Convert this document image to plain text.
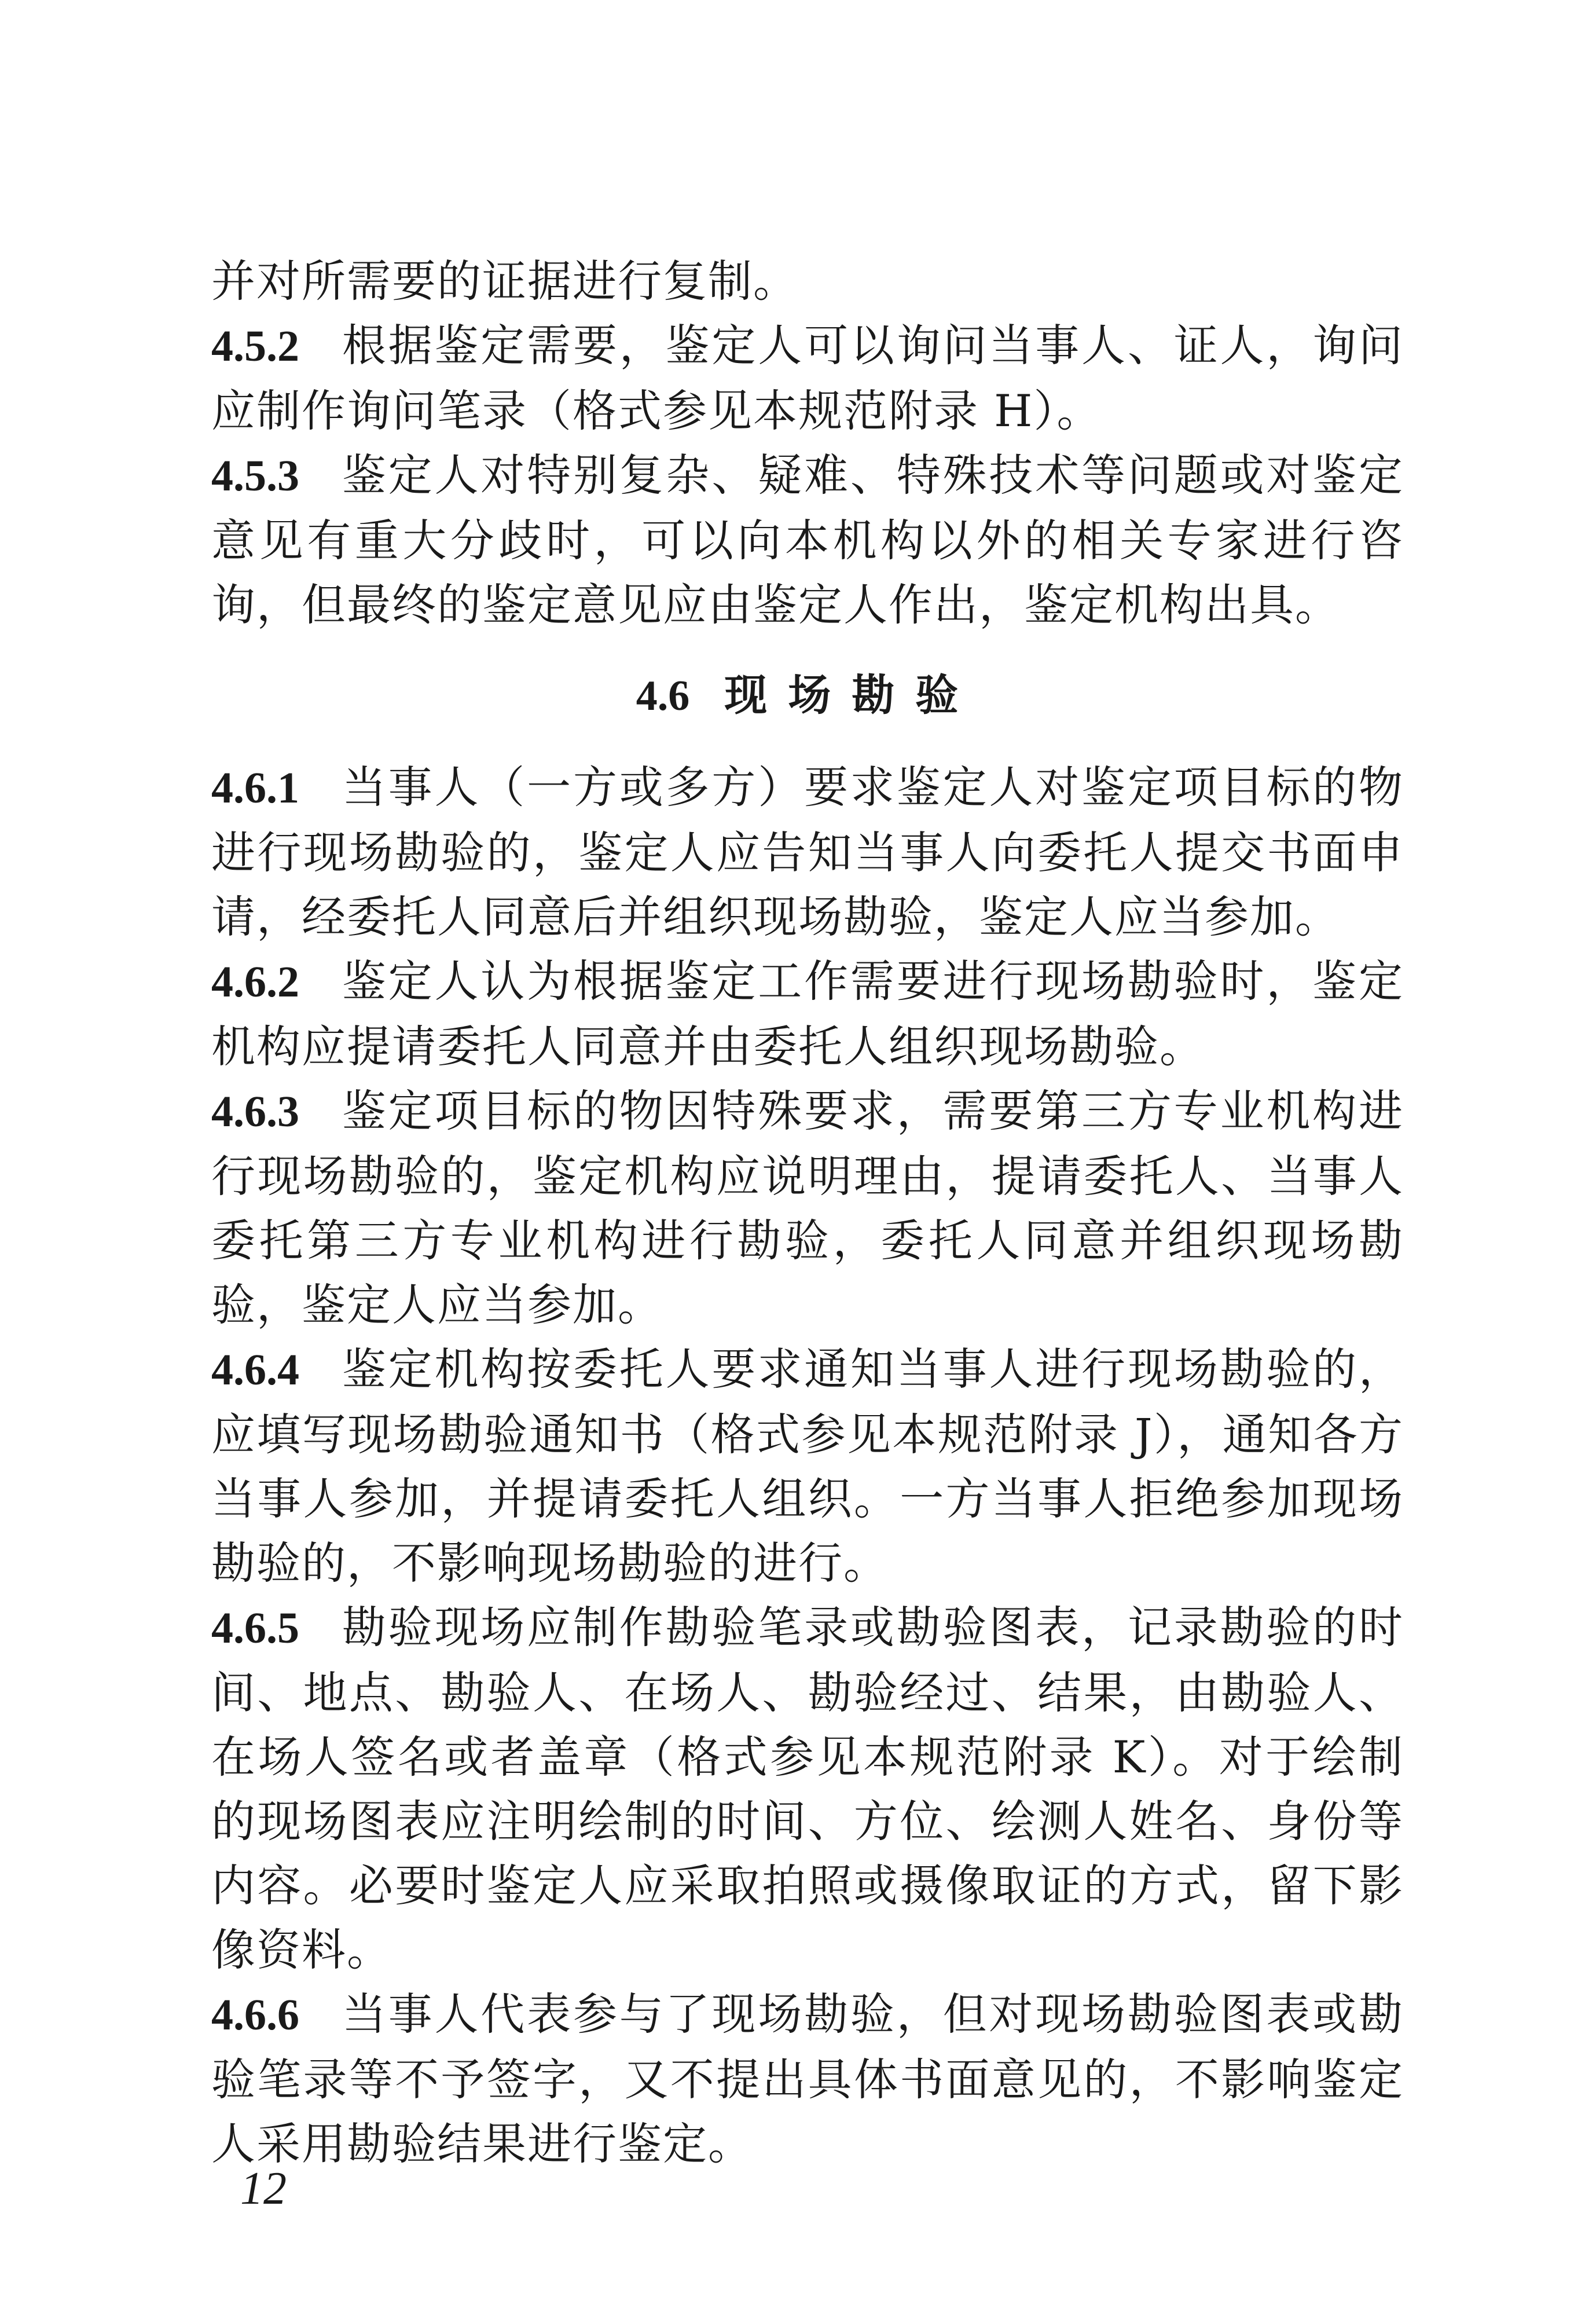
并对所需要的证据进行复制。

4.5.2 根据鉴定需要，鉴定人可以询问当事人、证人，询问应制作询问笔录（格式参见本规范附录 H）。

4.5.3 鉴定人对特别复杂、疑难、特殊技术等问题或对鉴定意见有重大分歧时，可以向本机构以外的相关专家进行咨询，但最终的鉴定意见应由鉴定人作出，鉴定机构出具。

4.6 现场勘验

4.6.1 当事人（一方或多方）要求鉴定人对鉴定项目标的物进行现场勘验的，鉴定人应告知当事人向委托人提交书面申请，经委托人同意后并组织现场勘验，鉴定人应当参加。

4.6.2 鉴定人认为根据鉴定工作需要进行现场勘验时，鉴定机构应提请委托人同意并由委托人组织现场勘验。

4.6.3 鉴定项目标的物因特殊要求，需要第三方专业机构进行现场勘验的，鉴定机构应说明理由，提请委托人、当事人委托第三方专业机构进行勘验，委托人同意并组织现场勘验，鉴定人应当参加。

4.6.4 鉴定机构按委托人要求通知当事人进行现场勘验的，应填写现场勘验通知书（格式参见本规范附录 J），通知各方当事人参加，并提请委托人组织。一方当事人拒绝参加现场勘验的，不影响现场勘验的进行。

4.6.5 勘验现场应制作勘验笔录或勘验图表，记录勘验的时间、地点、勘验人、在场人、勘验经过、结果，由勘验人、在场人签名或者盖章（格式参见本规范附录 K）。对于绘制的现场图表应注明绘制的时间、方位、绘测人姓名、身份等内容。必要时鉴定人应采取拍照或摄像取证的方式，留下影像资料。

4.6.6 当事人代表参与了现场勘验，但对现场勘验图表或勘验笔录等不予签字，又不提出具体书面意见的，不影响鉴定人采用勘验结果进行鉴定。

12
